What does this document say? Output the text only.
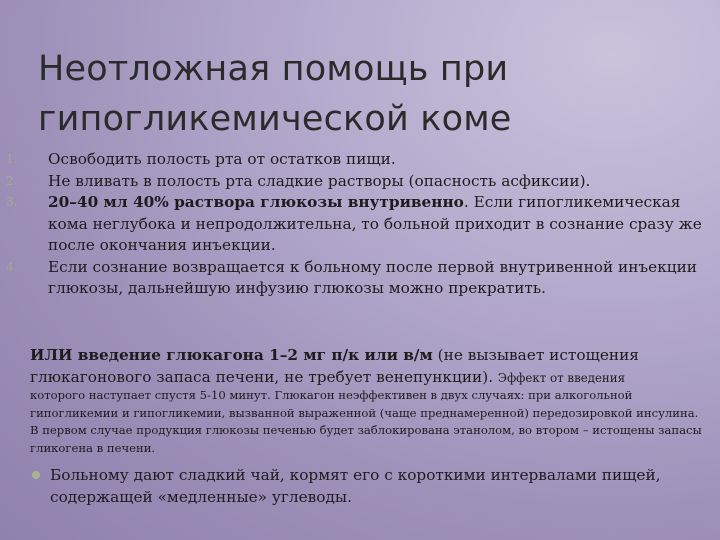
Неотложная помощь при
гипогликемической коме
1.	Освободить полость рта от остатков пищи.
2.	Не вливать в полость рта сладкие растворы (опасность асфиксии).
3.	20–40 мл 40% раствора глюкозы внутривенно. Если гипогликемическая кома неглубока и непродолжительна, то больной приходит в сознание сразу же после окончания инъекции.
4.	Если сознание возвращается к больному после первой внутривенной инъекции глюкозы, дальнейшую инфузию глюкозы можно прекратить.
ИЛИ введение глюкагона 1–2 мг п/к или в/м (не вызывает истощения глюкагонового запаса печени, не требует венепункции). Эффект от введения
которого наступает спустя 5-10 минут. Глюкагон неэффективен в двух случаях: при алкогольной гипогликемии и гипогликемии, вызванной выраженной (чаще преднамеренной) передозировкой инсулина. В первом случае продукция глюкозы печенью будет заблокирована этанолом, во втором – истощены запасы гликогена в печени.
Больному дают сладкий чай, кормят его с короткими интервалами пищей, содержащей «медленные» углеводы.
